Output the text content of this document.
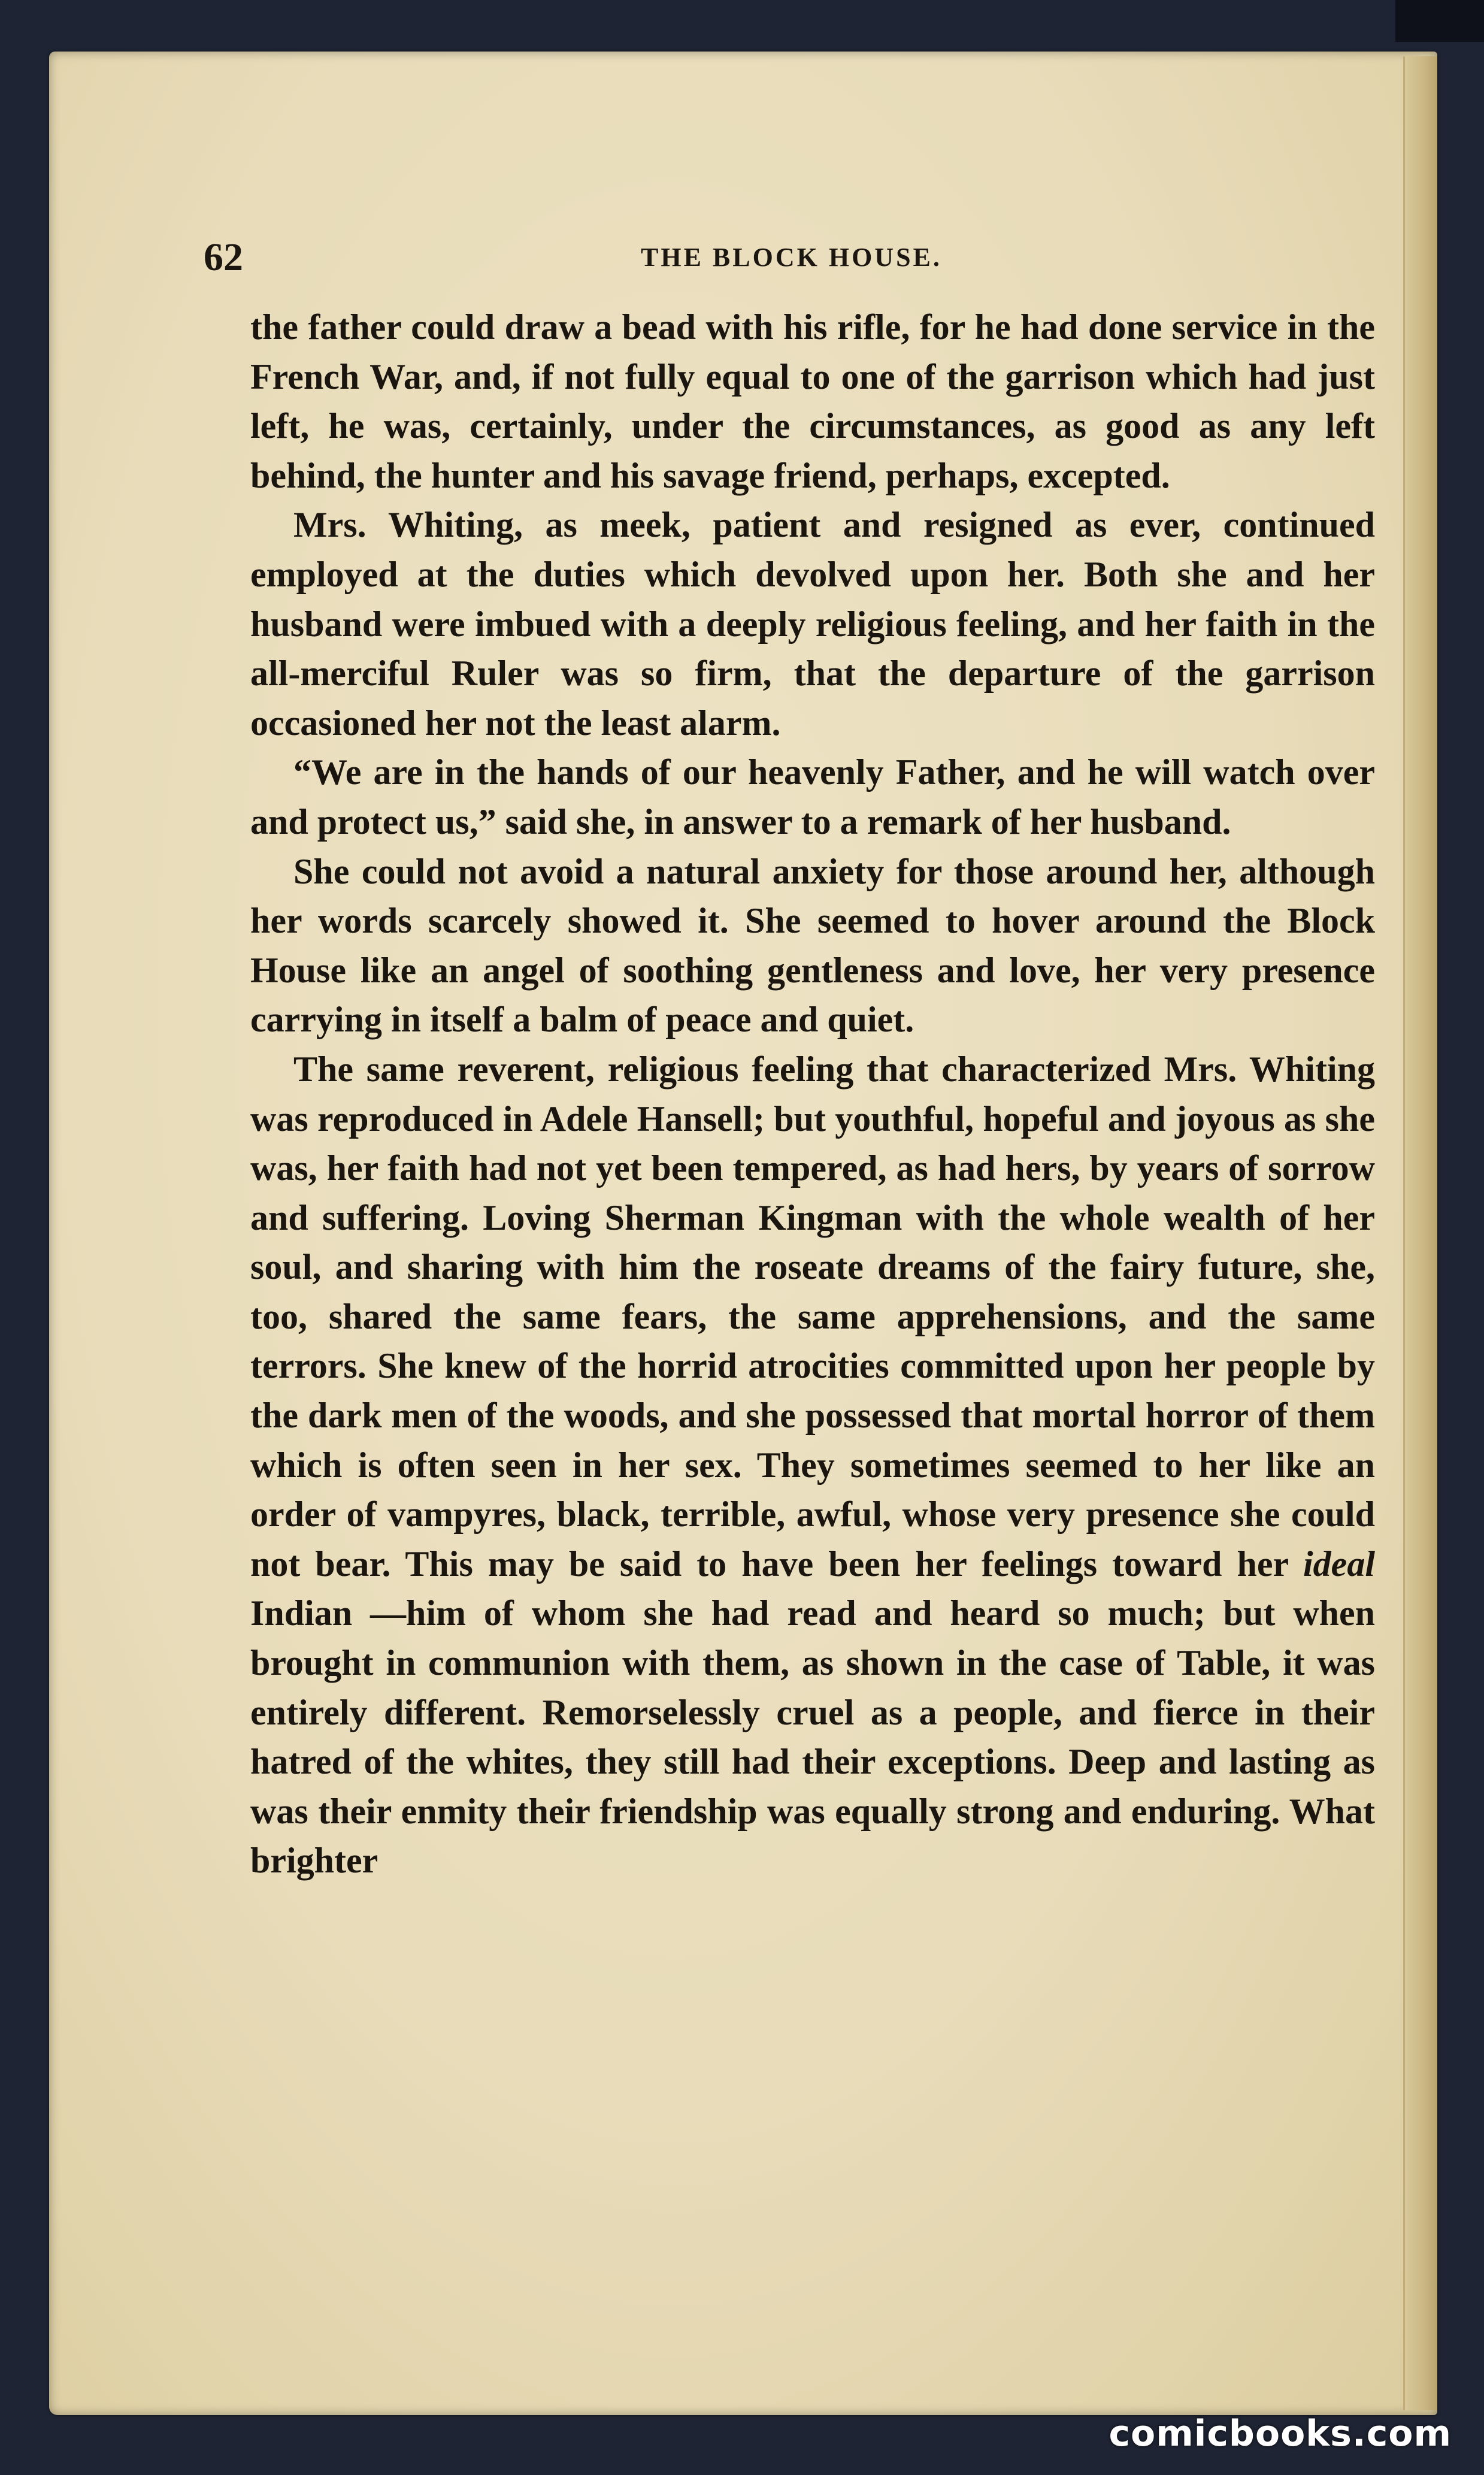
62	THE BLOCK HOUSE.

the father could draw a bead with his rifle, for he had done service in the French War, and, if not fully equal to one of the garrison which had just left, he was, certainly, under the circumstances, as good as any left behind, the hunter and his savage friend, perhaps, excepted.

Mrs. Whiting, as meek, patient and resigned as ever, continued employed at the duties which devolved upon her. Both she and her husband were imbued with a deeply religious feeling, and her faith in the all-merciful Ruler was so firm, that the departure of the garrison occasioned her not the least alarm.

“We are in the hands of our heavenly Father, and he will watch over and protect us,” said she, in answer to a remark of her husband.

She could not avoid a natural anxiety for those around her, although her words scarcely showed it. She seemed to hover around the Block House like an angel of soothing gentleness and love, her very presence carrying in itself a balm of peace and quiet.

The same reverent, religious feeling that characterized Mrs. Whiting was reproduced in Adele Hansell; but youthful, hopeful and joyous as she was, her faith had not yet been tempered, as had hers, by years of sorrow and suffering. Loving Sherman Kingman with the whole wealth of her soul, and sharing with him the roseate dreams of the fairy future, she, too, shared the same fears, the same apprehensions, and the same terrors. She knew of the horrid atrocities committed upon her people by the dark men of the woods, and she possessed that mortal horror of them which is often seen in her sex. They sometimes seemed to her like an order of vampyres, black, terrible, awful, whose very presence she could not bear. This may be said to have been her feelings toward her ideal Indian —him of whom she had read and heard so much; but when brought in communion with them, as shown in the case of Table, it was entirely different. Remorselessly cruel as a people, and fierce in their hatred of the whites, they still had their exceptions. Deep and lasting as was their enmity their friendship was equally strong and enduring. What brighter

comicbooks.com
